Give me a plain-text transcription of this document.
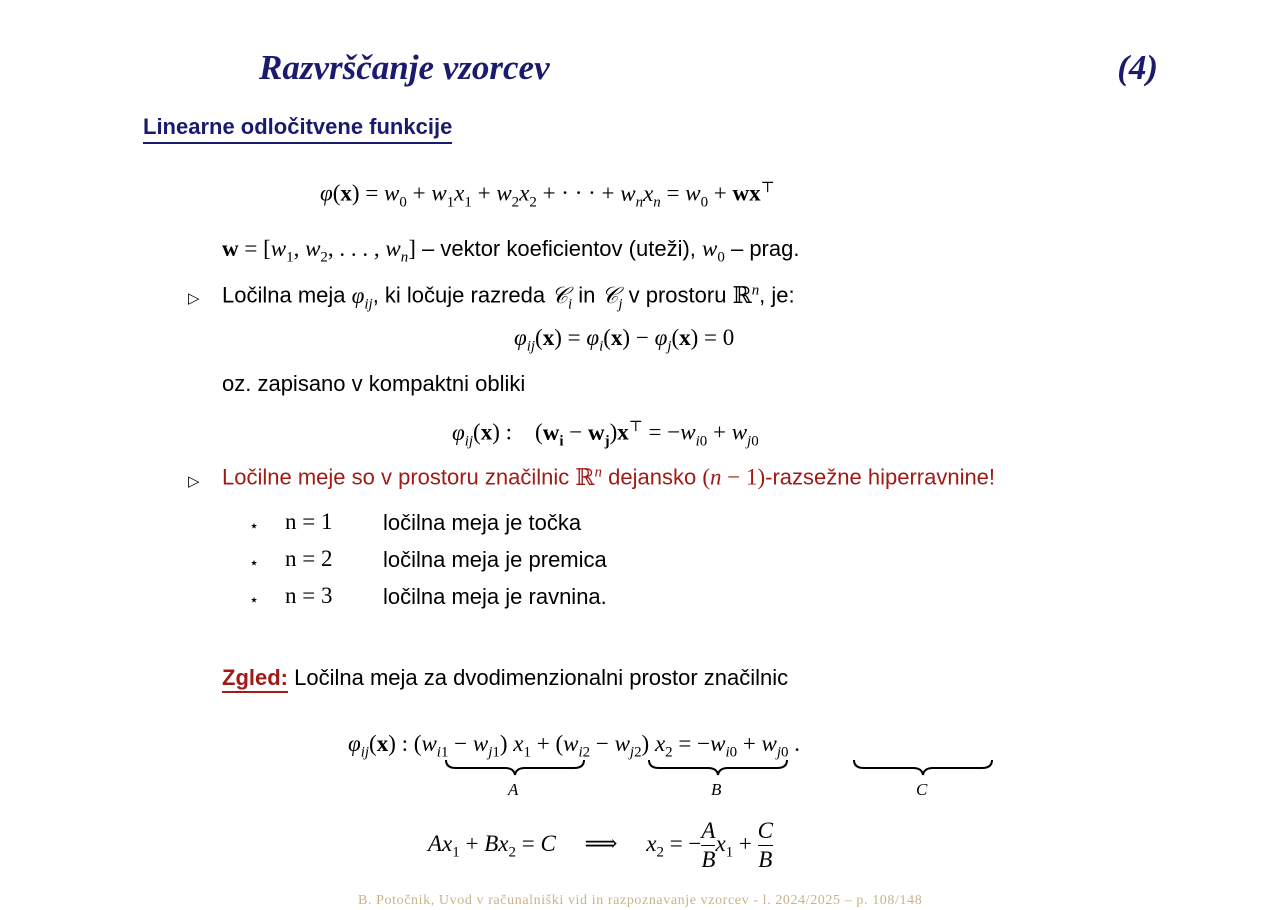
Razvrščanje vzorcev	(4)
Linearne odločitvene funkcije
$\varphi(x) = w_0 + w_1x_1 + w_2x_2$ + · · · + $w_nx_n = w_0 + wx^⊤$
$w = [w_1$, $w_2$, . . . , $w_n$] – vektor koeficientov (uteži), $w_0$ – prag.
▷ Ločilna meja $\varphi_{ij}$, ki ločuje razreda 𝒞$_i$ in 𝒞$_j$ v prostoru ℝ$^n$, je:
$\varphi_{ij}(x) = \varphi_i(x) - \varphi_j(x) = 0$
oz. zapisano v kompaktni obliki
$\varphi_{ij}(x)$ :    $(w_i - w_j)x^⊤ = -w_{i0} + w_{j0}$
▷ Ločilne meje so v prostoru značilnic ℝ$^n$ dejansko (n − 1)-razsežne hiperravnine!
⋆ n = 1 ločilna meja je točka
⋆ n = 2 ločilna meja je premica
⋆ n = 3 ločilna meja je ravnina.
Zgled: Ločilna meja za dvodimenzionalni prostor značilnic
$\varphi_{ij}(x)$ : $(w_{i1} - w_{j1}) x_1 + (w_{i2} - w_{j2}) x_2 = -w_{i0} + w_{j0}$ .
A	B	C
$Ax_1 + Bx_2 = C$     ⟹     $x_2$ = − $\frac{A}{B} x_1 + \frac{C}{B}$
B. Potočnik, Uvod v računalniški vid in razpoznavanje vzorcev - l. 2024/2025 – p. 108/148
